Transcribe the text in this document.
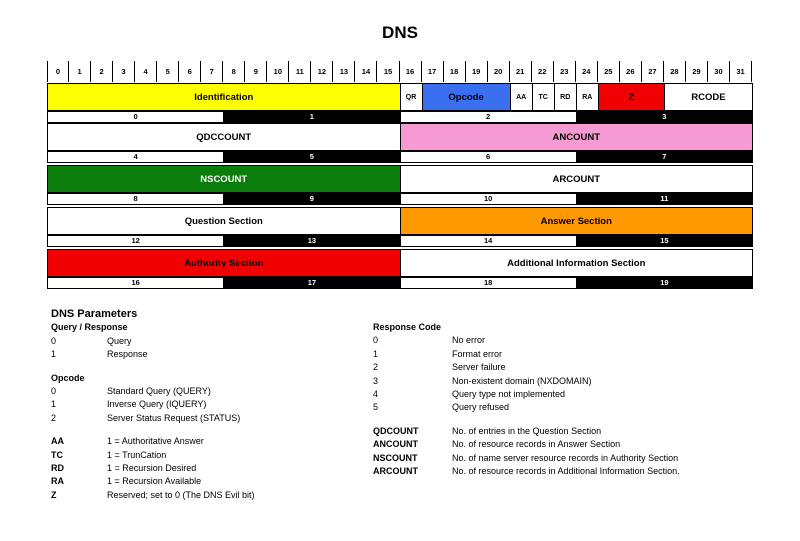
DNS
0	1	2	3	4	5	6	7	8	9	10	11	12	13	14	15	16	17	18	19	20	21	22	23	24	25	26	27	28	29	30	31
Identification	QR	Opcode	AA	TC	RD	RA	Z	RCODE
0	1	2	3
QDCCOUNT	ANCOUNT
4	5	6	7
NSCOUNT	ARCOUNT
8	9	10	11
Question Section	Answer Section
12	13	14	15
Authority Section	Additional Information Section
16	17	18	19
DNS Parameters
Query / Response
0	Query
1	Response
Opcode
0	Standard Query (QUERY)
1	Inverse Query (IQUERY)
2	Server Status Request (STATUS)
AA	1 = Authoritative Answer
TC	1 = TrunCation
RD	1 = Recursion Desired
RA	1 = Recursion Available
Z	Reserved; set to 0 (The DNS Evil bit)
Response Code
0	No error
1	Format error
2	Server failure
3	Non-existent domain (NXDOMAIN)
4	Query type not implemented
5	Query refused
QDCOUNT	No. of entries in the Question Section
ANCOUNT	No. of resource records in Answer Section
NSCOUNT	No. of name server resource records in Authority Section
ARCOUNT	No. of resource records in Additional Information Section.
